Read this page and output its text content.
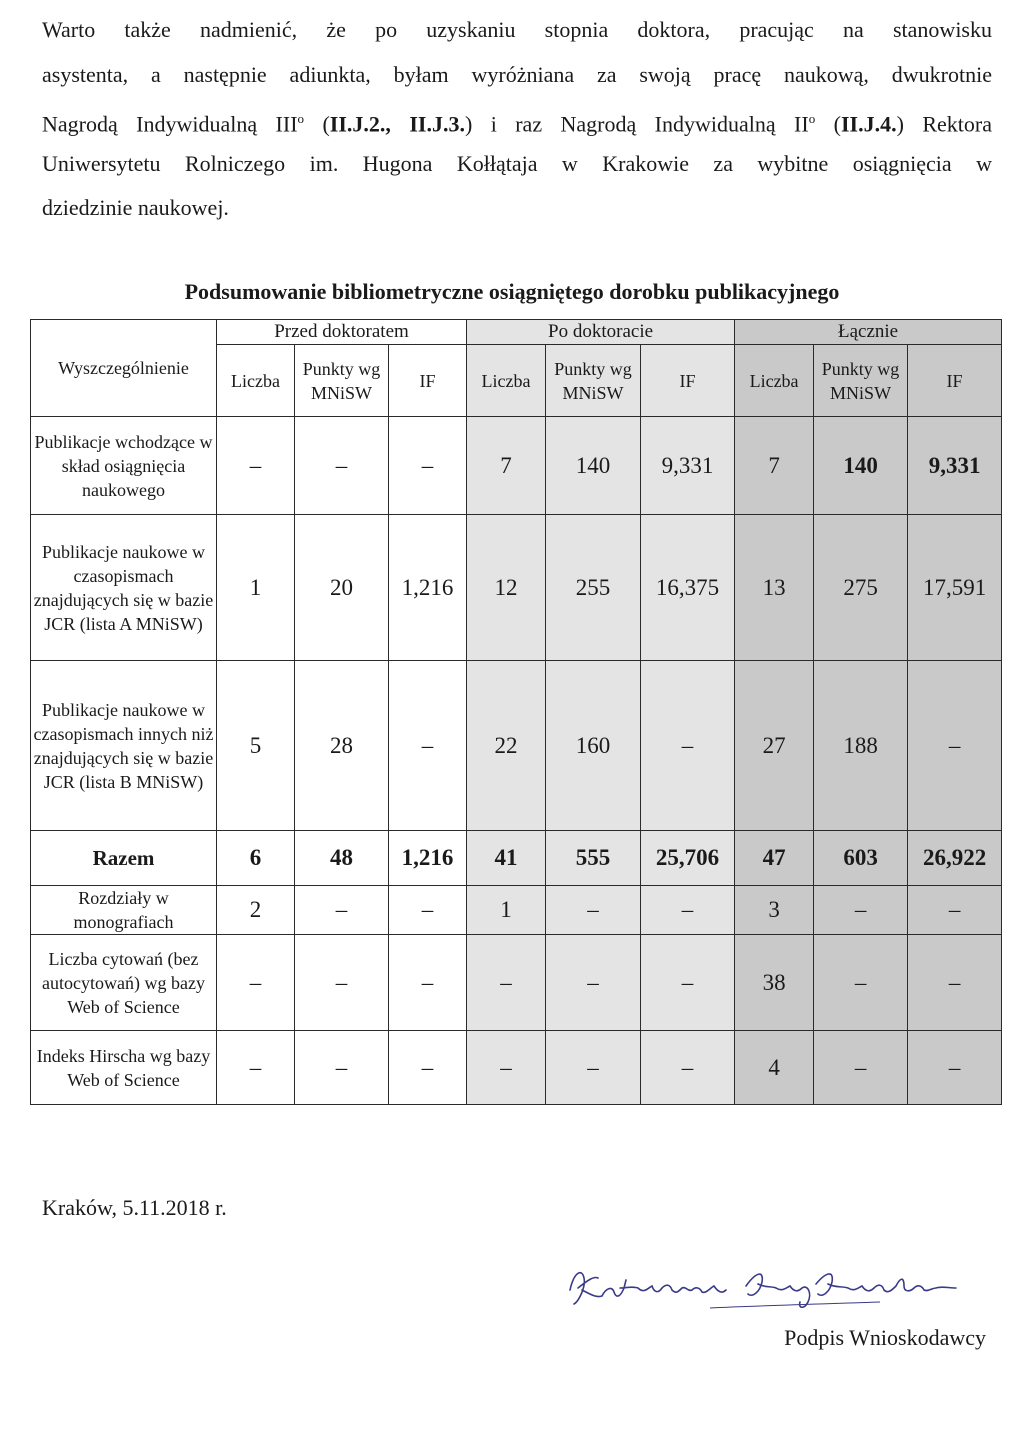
Warto także nadmienić, że po uzyskaniu stopnia doktora, pracując na stanowisku
asystenta, a następnie adiunkta, byłam wyróżniana za swoją pracę naukową, dwukrotnie
Nagrodą Indywidualną III$^o$ (II.J.2., II.J.3.) i raz Nagrodą Indywidualną $II^o$ (II.J.4.) Rektora
Uniwersytetu Rolniczego im. Hugona Kołłątaja w Krakowie za wybitne osiągnięcia w
dziedzinie naukowej.
Podsumowanie bibliometryczne osiągniętego dorobku publikacyjnego
Wyszczególnienie	Przed doktoratem			Po doktoracie			Łącznie		
	Liczba	Punkty wg MNiSW	IF	Liczba	Punkty wg MNiSW	IF	Liczba	Punkty wg MNiSW	IF
Publikacje wchodzące w skład osiągnięcia naukowego	–	–	–	7	140	9,331	7	140	9,331
Publikacje naukowe w czasopismach znajdujących się w bazie JCR (lista A MNiSW)	1	20	1,216	12	255	16,375	13	275	17,591
Publikacje naukowe w czasopismach innych niż znajdujących się w bazie JCR (lista B MNiSW)	5	28	–	22	160	–	27	188	–
Razem	6	48	1,216	41	555	25,706	47	603	26,922
Rozdziały w monografiach	2	–	–	1	–	–	3	–	–
Liczba cytowań (bez autocytowań) wg bazy Web of Science	–	–	–	–	–	–	38	–	–
Indeks Hirscha wg bazy Web of Science	–	–	–	–	–	–	4	–	–

Kraków, 5.11.2018 r.

Podpis Wnioskodawcy
